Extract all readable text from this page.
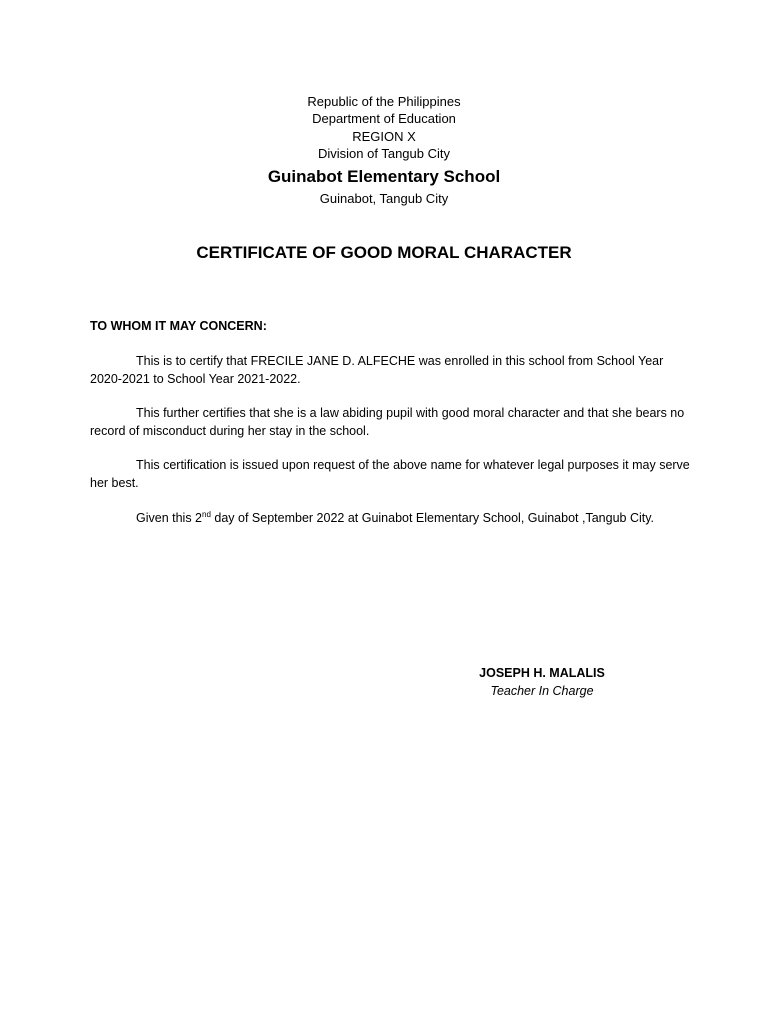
Republic of the Philippines
Department of Education
REGION X
Division of Tangub City
Guinabot Elementary School
Guinabot, Tangub City
CERTIFICATE OF GOOD MORAL CHARACTER
TO WHOM IT MAY CONCERN:
This is to certify that FRECILE JANE D. ALFECHE was enrolled in this school from School Year 2020-2021 to School Year 2021-2022.
This further certifies that she is a law abiding pupil with good moral character and that she bears no record of misconduct during her stay in the school.
This certification is issued upon request of the above name for whatever legal purposes it may serve her best.
Given this 2nd day of September 2022 at Guinabot Elementary School, Guinabot ,Tangub City.
JOSEPH H. MALALIS
Teacher In Charge
